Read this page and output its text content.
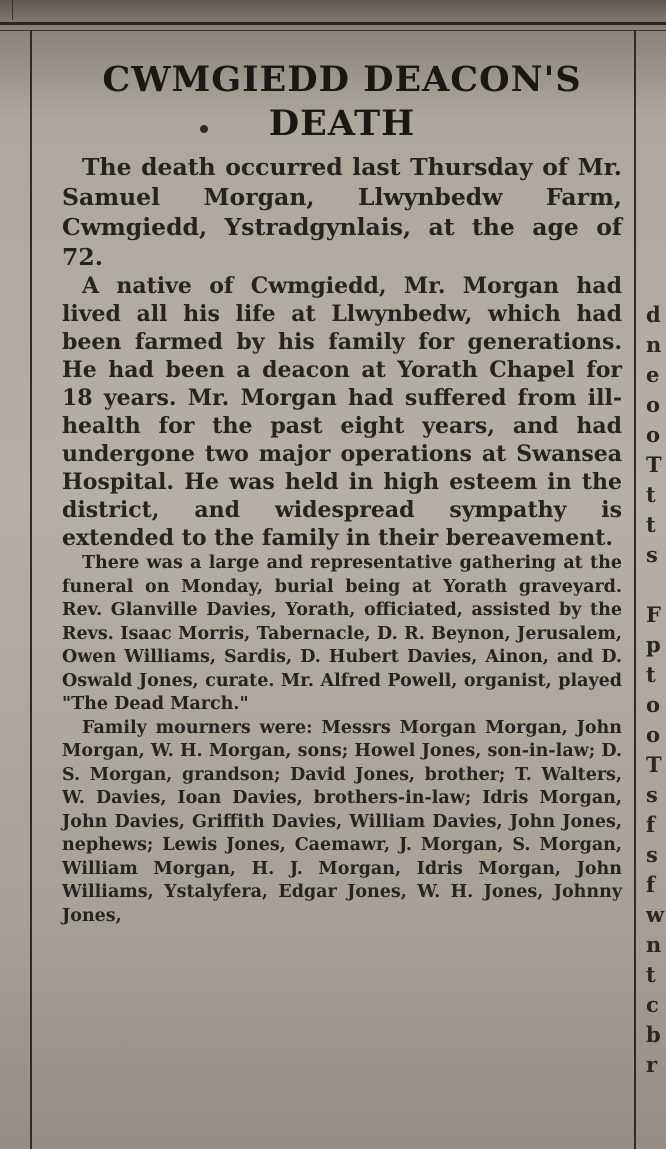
CWMGIEDD DEACON'S
DEATH

The death occurred last Thursday of Mr. Samuel Morgan, Llwynbedw Farm, Cwmgiedd, Ystradgynlais, at the age of 72.

A native of Cwmgiedd, Mr. Morgan had lived all his life at Llwynbedw, which had been farmed by his family for generations. He had been a deacon at Yorath Chapel for 18 years. Mr. Morgan had suffered from ill-health for the past eight years, and had undergone two major operations at Swansea Hospital. He was held in high esteem in the district, and widespread sympathy is extended to the family in their bereavement.

There was a large and representative gathering at the funeral on Monday, burial being at Yorath graveyard. Rev. Glanville Davies, Yorath, officiated, assisted by the Revs. Isaac Morris, Tabernacle, D. R. Beynon, Jerusalem, Owen Williams, Sardis, D. Hubert Davies, Ainon, and D. Oswald Jones, curate. Mr. Alfred Powell, organist, played "The Dead March."

Family mourners were: Messrs Morgan Morgan, John Morgan, W. H. Morgan, sons; Howel Jones, son-in-law; D. S. Morgan, grandson; David Jones, brother; T. Walters, W. Davies, Ioan Davies, brothers-in-law; Idris Morgan, John Davies, Griffith Davies, William Davies, John Jones, nephews; Lewis Jones, Caemawr, J. Morgan, S. Morgan, William Morgan, H. J. Morgan, Idris Morgan, John Williams, Ystalyfera, Edgar Jones, W. H. Jones, Johnny Jones,

d
n
e
o
o
T
t
t
s
F
p
t
o
o
T
s
f
s
f
w
n
t
c
b
r
